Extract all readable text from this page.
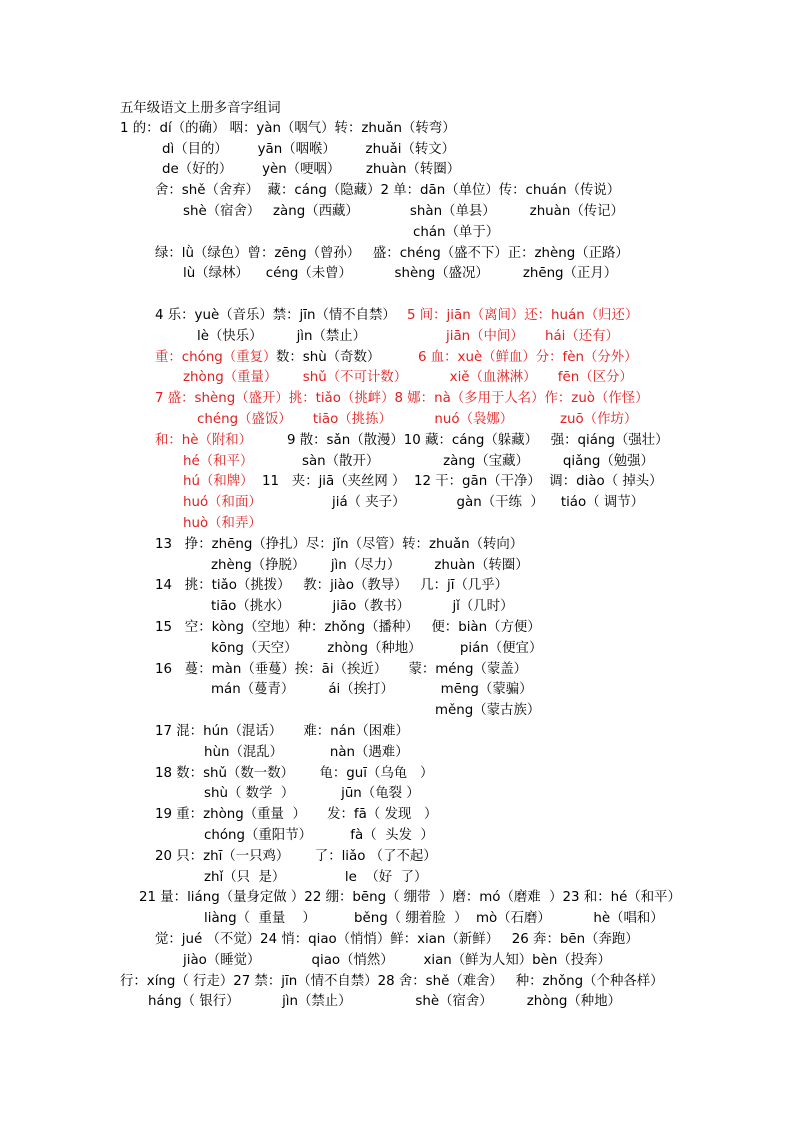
五年级语文上册多音字组词
1 的：dí（的确） 咽：yàn（咽气）转：zhuǎn（转弯）
dì（目的）       yān（咽喉）       zhuǎi（转文）
de（好的）       yèn（哽咽）      zhuàn（转圈）
舍：shě（舍弃）  藏：cáng（隐藏）2 单：dān（单位）传：chuán（传说）
shè（宿舍）   zàng（西藏）            shàn（单县）        zhuàn（传记）
chán（单于）
绿：lǜ（绿色）曾：zēng（曾孙）   盛：chéng（盛不下）正：zhèng（正路）
lù（绿林）    céng（未曾）          shèng（盛况）        zhēng（正月）
4 乐：yuè（音乐）禁：jīn（情不自禁） 5 间：jiān（离间）还：huán（归还）
lè（快乐）        jìn（禁止）	jiān（中间）     hái（还有）
重：chóng（重复） 数：shù（奇数）	6 血：xuè（鲜血）分：fèn（分外）
zhòng（重量）      shǔ（不可计数）          xiě（血淋淋）     fēn（区分）
7 盛：shèng（盛开）挑：tiǎo（挑衅）8 娜：nà（多用于人名）作：zuò（作怪）
chéng（盛饭）     tiāo（挑拣）          nuó（袅娜）           zuō（作坊）
和：hè（附和）	9 散：sǎn（散漫）10 藏：cáng（躲藏）   强：qiáng（强壮）
hé（和平）	sàn（散开）               zàng（宝藏）        qiǎng（勉强）
hú（和牌） 11   夹：jiā（夹丝网 ）  12 干：gān（干净）  调：diào（ 掉头）
huó（和面）	jiá（ 夹子）            gàn（干练  ）    tiáo（ 调节）
huò（和弄）
13   挣：zhēng（挣扎）尽：jǐn（尽管）转：zhuǎn（转向）
zhèng（挣脱）      jìn（尽力）        zhuàn（转圈）
14   挑：tiǎo（挑拨）   教：jiào（教导）   几：jī（几乎）
tiāo（挑水）          jiāo（教书）          jǐ（几时）
15   空：kòng（空地）种：zhǒng（播种）   便：biàn（方便）
kōng（天空）       zhòng（种地）         pián（便宜）
16   蔓：màn（垂蔓）挨：āi（挨近）     蒙：méng（蒙盖）
mán（蔓青）        ái（挨打）           mēng（蒙骗）
měng（蒙古族）
17 混：hún（混话）     难：nán（困难）
hùn（混乱）           nàn（遇难）
18 数：shǔ（数一数）      龟：guī（乌龟   ）
shù（ 数学  ）           jūn（龟裂 ）
19 重：zhòng（重量  ）     发：fā（ 发现   ）
chóng（重阳节）         fà（  头发  ）
20 只：zhī（一只鸡）      了：liǎo （了不起）
zhǐ（只  是）              le  （好  了）
21 量：liáng（量身定做 ）22 绷：bēng（ 绷带  ）磨：mó（磨难  ）23 和：hé（和平）
liàng（  重量    ）         běng（ 绷着脸  ）  mò（石磨）          hè（唱和）
觉：jué （不觉）24 悄：qiao（悄悄）鲜：xian（新鲜）   26 奔：bēn（奔跑）
jiào（睡觉）            qiao（悄然）       xian（鲜为人知）bèn（投奔）
行：xíng（ 行走）27 禁：jīn（情不自禁）28 舍：shě（难舍）   种：zhǒng（个种各样）
háng（ 银行）          jìn（禁止）               shè（宿舍）        zhòng（种地）
